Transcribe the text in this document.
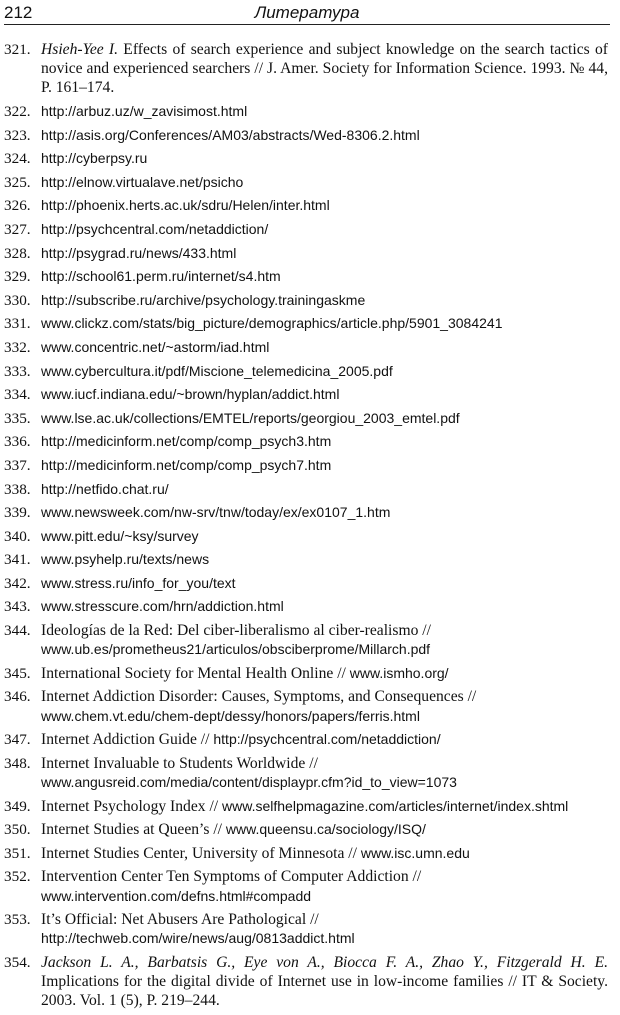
212	Литература
321. Hsieh-Yee I. Effects of search experience and subject knowledge on the search tactics of novice and experienced searchers // J. Amer. Society for Information Science. 1993. № 44, P. 161–174.
322. http://arbuz.uz/w_zavisimost.html
323. http://asis.org/Conferences/AM03/abstracts/Wed-8306.2.html
324. http://cyberpsy.ru
325. http://elnow.virtualave.net/psicho
326. http://phoenix.herts.ac.uk/sdru/Helen/inter.html
327. http://psychcentral.com/netaddiction/
328. http://psygrad.ru/news/433.html
329. http://school61.perm.ru/internet/s4.htm
330. http://subscribe.ru/archive/psychology.trainingaskme
331. www.clickz.com/stats/big_picture/demographics/article.php/5901_3084241
332. www.concentric.net/~astorm/iad.html
333. www.cybercultura.it/pdf/Miscione_telemedicina_2005.pdf
334. www.iucf.indiana.edu/~brown/hyplan/addict.html
335. www.lse.ac.uk/collections/EMTEL/reports/georgiou_2003_emtel.pdf
336. http://medicinform.net/comp/comp_psych3.htm
337. http://medicinform.net/comp/comp_psych7.htm
338. http://netfido.chat.ru/
339. www.newsweek.com/nw-srv/tnw/today/ex/ex0107_1.htm
340. www.pitt.edu/~ksy/survey
341. www.psyhelp.ru/texts/news
342. www.stress.ru/info_for_you/text
343. www.stresscure.com/hrn/addiction.html
344. Ideologías de la Red: Del ciber-liberalismo al ciber-realismo // www.ub.es/prometheus21/articulos/obsciberprome/Millarch.pdf
345. International Society for Mental Health Online // www.ismho.org/
346. Internet Addiction Disorder: Causes, Symptoms, and Consequences // www.chem.vt.edu/chem-dept/dessy/honors/papers/ferris.html
347. Internet Addiction Guide // http://psychcentral.com/netaddiction/
348. Internet Invaluable to Students Worldwide // www.angusreid.com/media/content/displaypr.cfm?id_to_view=1073
349. Internet Psychology Index // www.selfhelpmagazine.com/articles/internet/index.shtml
350. Internet Studies at Queen’s // www.queensu.ca/sociology/ISQ/
351. Internet Studies Center, University of Minnesota // www.isc.umn.edu
352. Intervention Center Ten Symptoms of Computer Addiction // www.intervention.com/defns.html#compadd
353. It’s Official: Net Abusers Are Pathological // http://techweb.com/wire/news/aug/0813addict.html
354. Jackson L. A., Barbatsis G., Eye von A., Biocca F. A., Zhao Y., Fitzgerald H. E. Implications for the digital divide of Internet use in low-income families // IT & Society. 2003. Vol. 1 (5), P. 219–244.
